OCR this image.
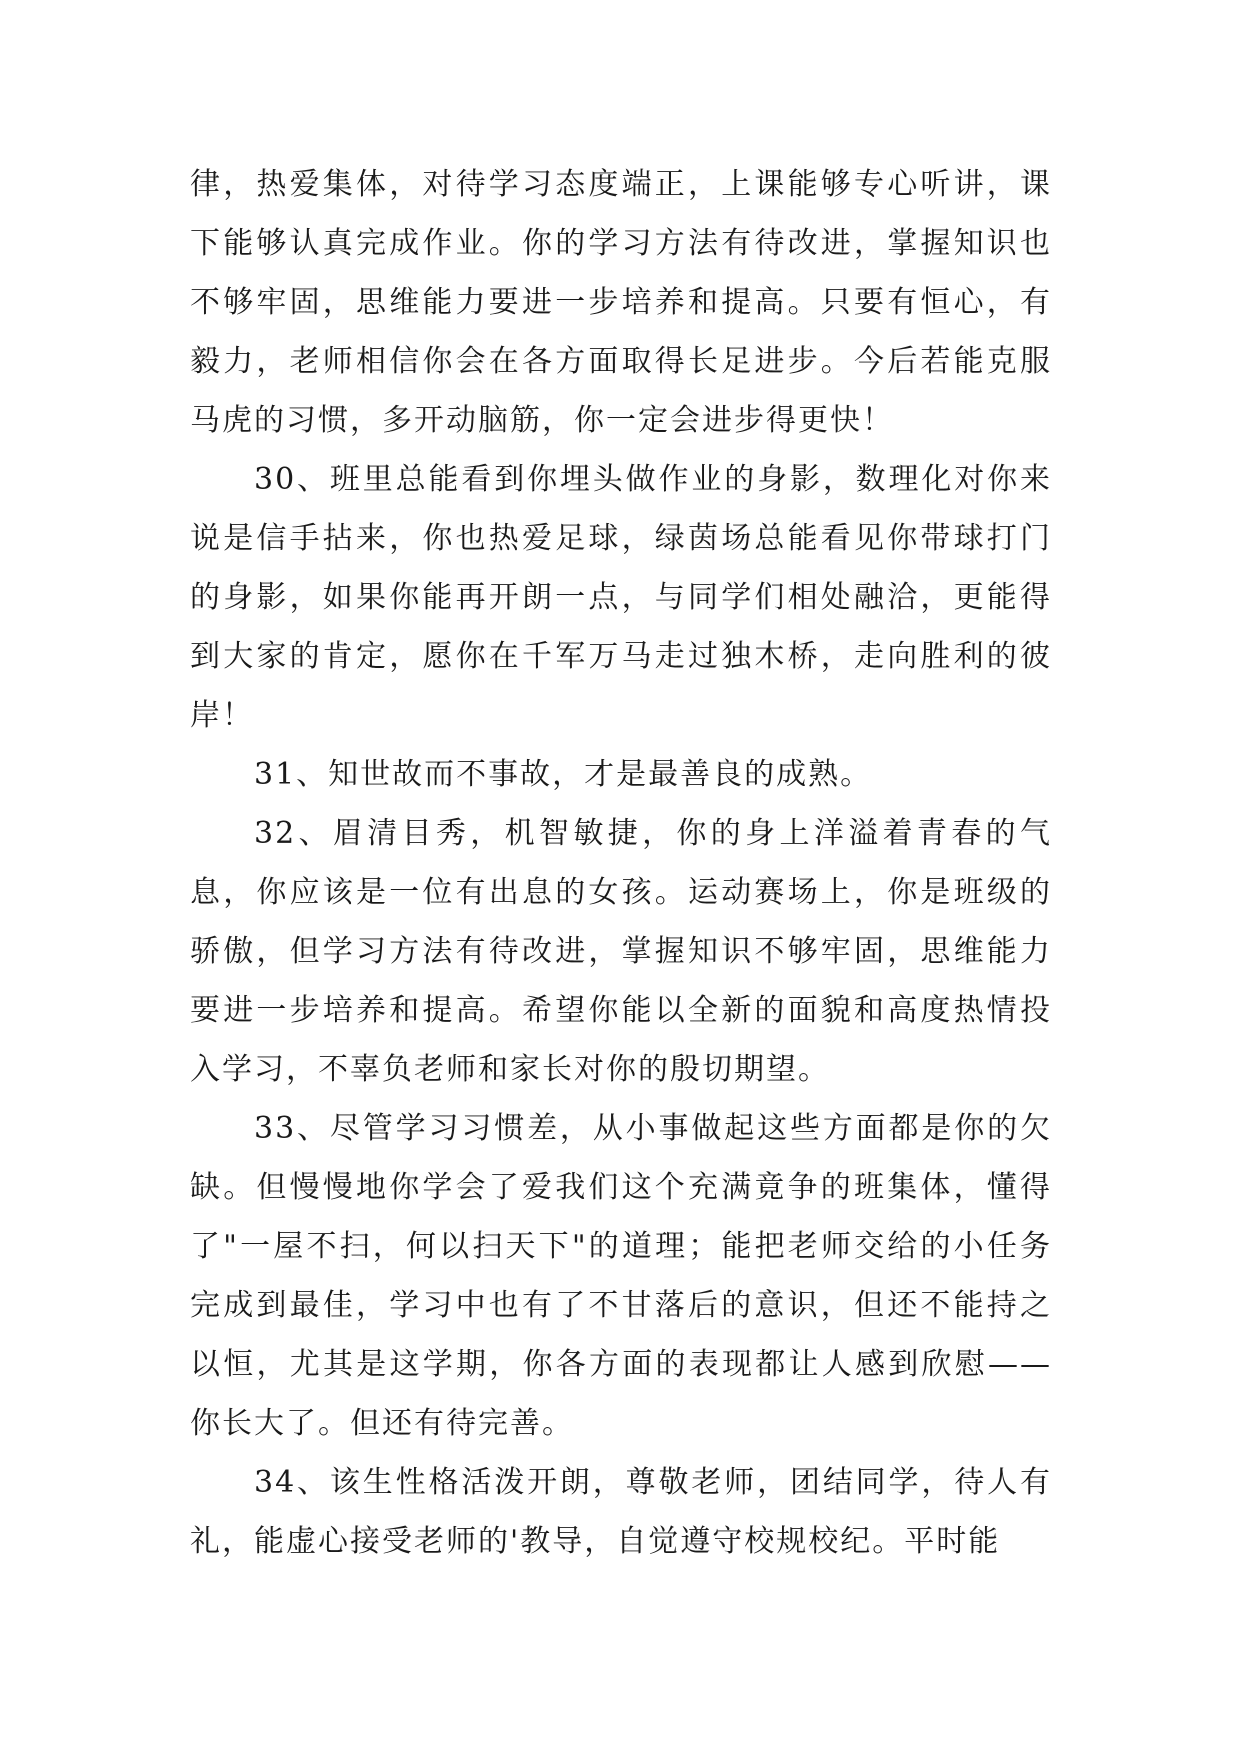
律，热爱集体，对待学习态度端正，上课能够专心听讲，课下能够认真完成作业。你的学习方法有待改进，掌握知识也不够牢固，思维能力要进一步培养和提高。只要有恒心，有毅力，老师相信你会在各方面取得长足进步。今后若能克服马虎的习惯，多开动脑筋，你一定会进步得更快！

30、班里总能看到你埋头做作业的身影，数理化对你来说是信手拈来，你也热爱足球，绿茵场总能看见你带球打门的身影，如果你能再开朗一点，与同学们相处融洽，更能得到大家的肯定，愿你在千军万马走过独木桥，走向胜利的彼岸！

31、知世故而不事故，才是最善良的成熟。

32、眉清目秀，机智敏捷，你的身上洋溢着青春的气息，你应该是一位有出息的女孩。运动赛场上，你是班级的骄傲，但学习方法有待改进，掌握知识不够牢固，思维能力要进一步培养和提高。希望你能以全新的面貌和高度热情投入学习，不辜负老师和家长对你的殷切期望。

33、尽管学习习惯差，从小事做起这些方面都是你的欠缺。但慢慢地你学会了爱我们这个充满竟争的班集体，懂得了"一屋不扫，何以扫天下"的道理；能把老师交给的小任务完成到最佳，学习中也有了不甘落后的意识，但还不能持之以恒，尤其是这学期，你各方面的表现都让人感到欣慰——你长大了。但还有待完善。

34、该生性格活泼开朗，尊敬老师，团结同学，待人有礼，能虚心接受老师的'教导，自觉遵守校规校纪。平时能
